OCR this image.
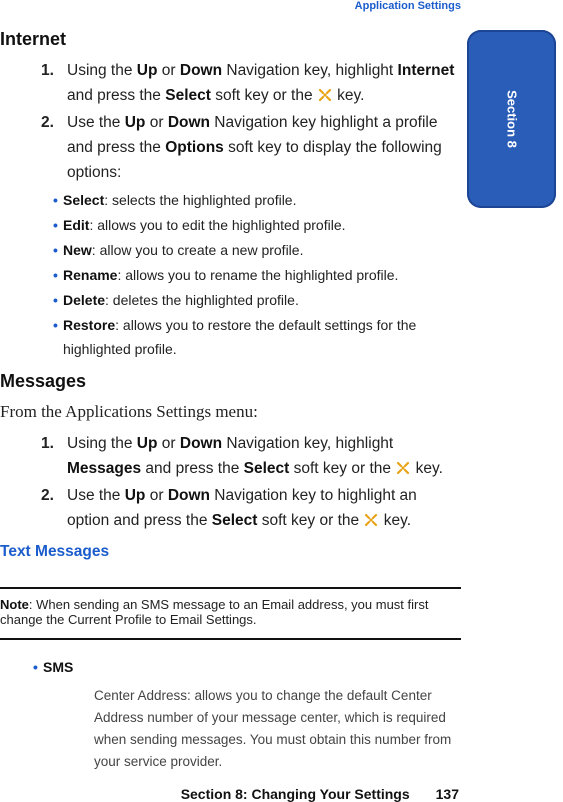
Application Settings
Section 8
Internet
1. Using the Up or Down Navigation key, highlight Internet and press the Select soft key or the  key.
2. Use the Up or Down Navigation key highlight a profile and press the Options soft key to display the following options:
• Select: selects the highlighted profile.
• Edit: allows you to edit the highlighted profile.
• New: allow you to create a new profile.
• Rename: allows you to rename the highlighted profile.
• Delete: deletes the highlighted profile.
• Restore: allows you to restore the default settings for the highlighted profile.
Messages
From the Applications Settings menu:
1. Using the Up or Down Navigation key, highlight Messages and press the Select soft key or the  key.
2. Use the Up or Down Navigation key to highlight an option and press the Select soft key or the  key.
Text Messages
Note: When sending an SMS message to an Email address, you must first change the Current Profile to Email Settings.
• SMS
Center Address: allows you to change the default Center Address number of your message center, which is required when sending messages. You must obtain this number from your service provider.
Section 8: Changing Your Settings 137
